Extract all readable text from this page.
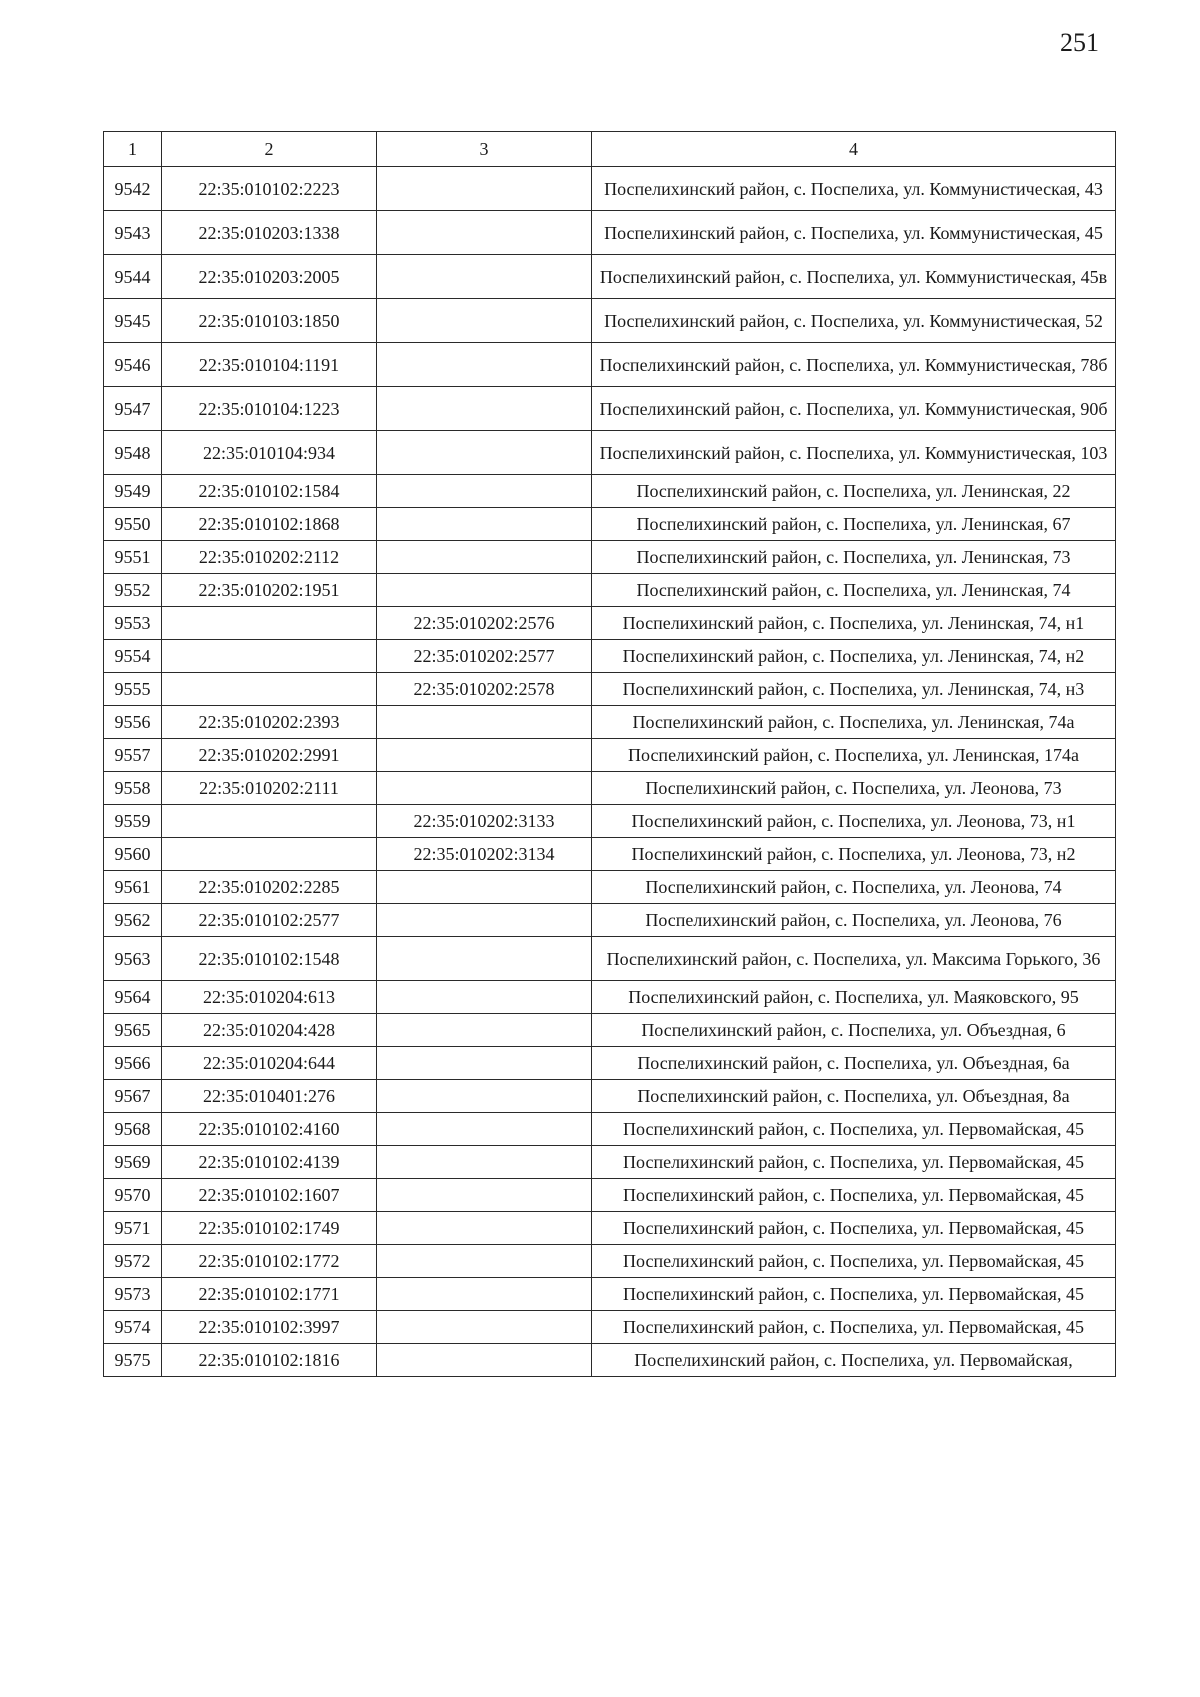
251
1	2	3	4
9542	22:35:010102:2223		Поспелихинский район, с. Поспелиха, ул. Коммунистическая, 43
9543	22:35:010203:1338		Поспелихинский район, с. Поспелиха, ул. Коммунистическая, 45
9544	22:35:010203:2005		Поспелихинский район, с. Поспелиха, ул. Коммунистическая, 45в
9545	22:35:010103:1850		Поспелихинский район, с. Поспелиха, ул. Коммунистическая, 52
9546	22:35:010104:1191		Поспелихинский район, с. Поспелиха, ул. Коммунистическая, 78б
9547	22:35:010104:1223		Поспелихинский район, с. Поспелиха, ул. Коммунистическая, 90б
9548	22:35:010104:934		Поспелихинский район, с. Поспелиха, ул. Коммунистическая, 103
9549	22:35:010102:1584		Поспелихинский район, с. Поспелиха, ул. Ленинская, 22
9550	22:35:010102:1868		Поспелихинский район, с. Поспелиха, ул. Ленинская, 67
9551	22:35:010202:2112		Поспелихинский район, с. Поспелиха, ул. Ленинская, 73
9552	22:35:010202:1951		Поспелихинский район, с. Поспелиха, ул. Ленинская, 74
9553		22:35:010202:2576	Поспелихинский район, с. Поспелиха, ул. Ленинская, 74, н1
9554		22:35:010202:2577	Поспелихинский район, с. Поспелиха, ул. Ленинская, 74, н2
9555		22:35:010202:2578	Поспелихинский район, с. Поспелиха, ул. Ленинская, 74, н3
9556	22:35:010202:2393		Поспелихинский район, с. Поспелиха, ул. Ленинская, 74а
9557	22:35:010202:2991		Поспелихинский район, с. Поспелиха, ул. Ленинская, 174а
9558	22:35:010202:2111		Поспелихинский район, с. Поспелиха, ул. Леонова, 73
9559		22:35:010202:3133	Поспелихинский район, с. Поспелиха, ул. Леонова, 73, н1
9560		22:35:010202:3134	Поспелихинский район, с. Поспелиха, ул. Леонова, 73, н2
9561	22:35:010202:2285		Поспелихинский район, с. Поспелиха, ул. Леонова, 74
9562	22:35:010102:2577		Поспелихинский район, с. Поспелиха, ул. Леонова, 76
9563	22:35:010102:1548		Поспелихинский район, с. Поспелиха, ул. Максима Горького, 36
9564	22:35:010204:613		Поспелихинский район, с. Поспелиха, ул. Маяковского, 95
9565	22:35:010204:428		Поспелихинский район, с. Поспелиха, ул. Объездная, 6
9566	22:35:010204:644		Поспелихинский район, с. Поспелиха, ул. Объездная, 6а
9567	22:35:010401:276		Поспелихинский район, с. Поспелиха, ул. Объездная, 8а
9568	22:35:010102:4160		Поспелихинский район, с. Поспелиха, ул. Первомайская, 45
9569	22:35:010102:4139		Поспелихинский район, с. Поспелиха, ул. Первомайская, 45
9570	22:35:010102:1607		Поспелихинский район, с. Поспелиха, ул. Первомайская, 45
9571	22:35:010102:1749		Поспелихинский район, с. Поспелиха, ул. Первомайская, 45
9572	22:35:010102:1772		Поспелихинский район, с. Поспелиха, ул. Первомайская, 45
9573	22:35:010102:1771		Поспелихинский район, с. Поспелиха, ул. Первомайская, 45
9574	22:35:010102:3997		Поспелихинский район, с. Поспелиха, ул. Первомайская, 45
9575	22:35:010102:1816		Поспелихинский район, с. Поспелиха, ул. Первомайская,
